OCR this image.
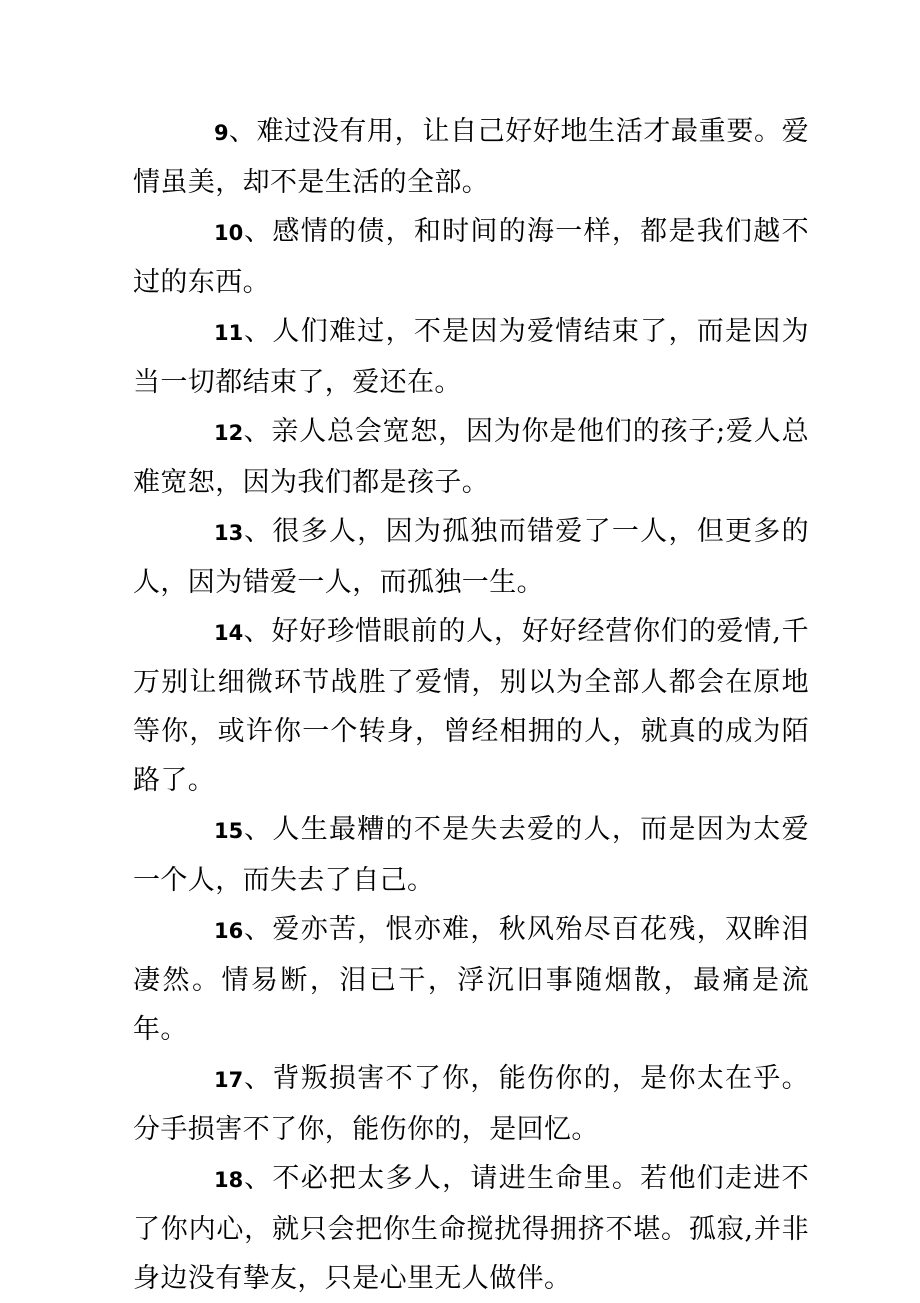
9、难过没有用，让自己好好地生活才最重要。爱情虽美，却不是生活的全部。

10、感情的债，和时间的海一样，都是我们越不过的东西。

11、人们难过，不是因为爱情结束了，而是因为当一切都结束了，爱还在。

12、亲人总会宽恕，因为你是他们的孩子;爱人总难宽恕，因为我们都是孩子。

13、很多人，因为孤独而错爱了一人，但更多的人，因为错爱一人，而孤独一生。

14、好好珍惜眼前的人，好好经营你们的爱情,千万别让细微环节战胜了爱情，别以为全部人都会在原地等你，或许你一个转身，曾经相拥的人，就真的成为陌路了。

15、人生最糟的不是失去爱的人，而是因为太爱一个人，而失去了自己。

16、爱亦苦，恨亦难，秋风殆尽百花残，双眸泪凄然。情易断，泪已干，浮沉旧事随烟散，最痛是流年。

17、背叛损害不了你，能伤你的，是你太在乎。分手损害不了你，能伤你的，是回忆。

18、不必把太多人，请进生命里。若他们走进不了你内心，就只会把你生命搅扰得拥挤不堪。孤寂,并非身边没有挚友，只是心里无人做伴。
